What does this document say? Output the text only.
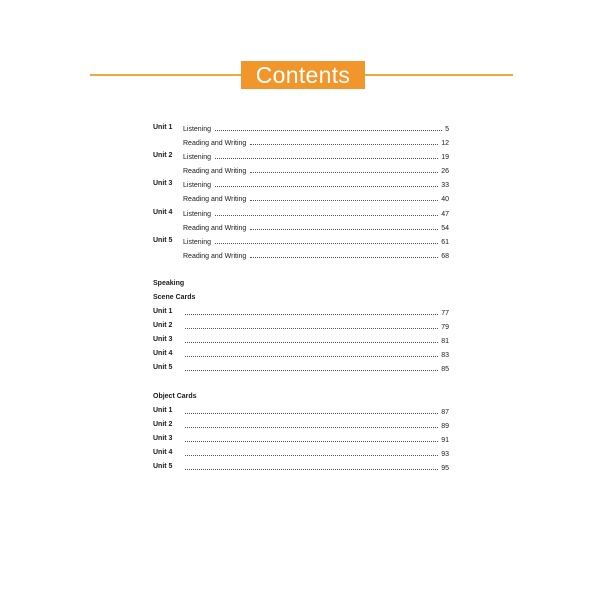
Contents
Unit 1 Listening	5
Reading and Writing	12
Unit 2 Listening	19
Reading and Writing	26
Unit 3 Listening	33
Reading and Writing	40
Unit 4 Listening	47
Reading and Writing	54
Unit 5 Listening	61
Reading and Writing	68
Speaking
Scene Cards
Unit 1	77
Unit 2	79
Unit 3	81
Unit 4	83
Unit 5	85
Object Cards
Unit 1	87
Unit 2	89
Unit 3	91
Unit 4	93
Unit 5	95
